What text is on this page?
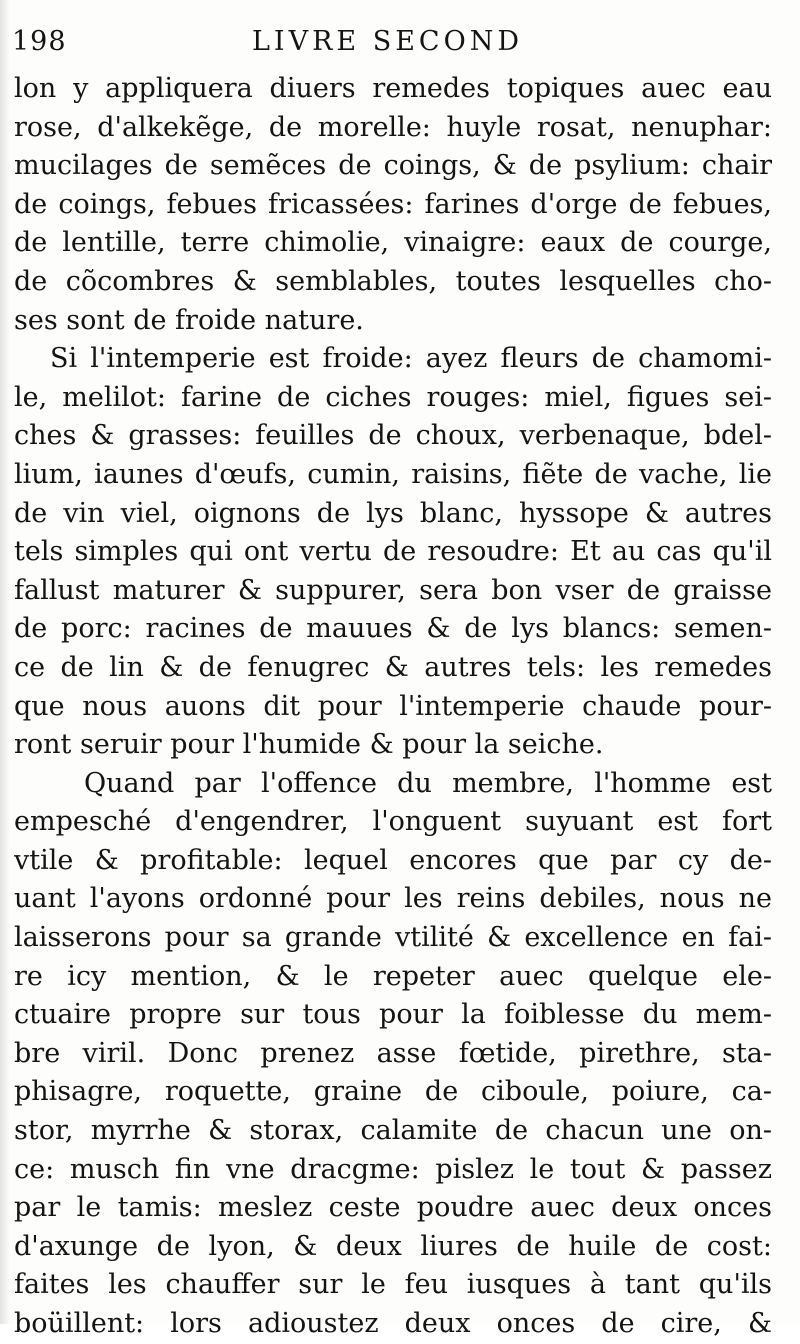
198	LIVRE SECOND
lon y appliquera diuers remedes topiques auec eau
rose, d'alkekẽge, de morelle: huyle rosat, nenuphar:
mucilages de semẽces de coings, & de psylium: chair
de coings, febues fricassées: farines d'orge de febues,
de lentille, terre chimolie, vinaigre: eaux de courge,
de cõcombres & semblables, toutes lesquelles cho-
ses sont de froide nature.
Si l'intemperie est froide: ayez fleurs de chamomi-
le, melilot: farine de ciches rouges: miel, figues sei-
ches & grasses: feuilles de choux, verbenaque, bdel-
lium, iaunes d'œufs, cumin, raisins, fiẽte de vache, lie
de vin viel, oignons de lys blanc, hyssope & autres
tels simples qui ont vertu de resoudre: Et au cas qu'il
fallust maturer & suppurer, sera bon vser de graisse
de porc: racines de mauues & de lys blancs: semen-
ce de lin & de fenugrec & autres tels: les remedes
que nous auons dit pour l'intemperie chaude pour-
ront seruir pour l'humide & pour la seiche.
Quand par l'offence du membre, l'homme est
empesché d'engendrer, l'onguent suyuant est fort
vtile & profitable: lequel encores que par cy de-
uant l'ayons ordonné pour les reins debiles, nous ne
laisserons pour sa grande vtilité & excellence en fai-
re icy mention, & le repeter auec quelque ele-
ctuaire propre sur tous pour la foiblesse du mem-
bre viril. Donc prenez asse fœtide, pirethre, sta-
phisagre, roquette, graine de ciboule, poiure, ca-
stor, myrrhe & storax, calamite de chacun une on-
ce: musch fin vne dracgme: pislez le tout & passez
par le tamis: meslez ceste poudre auec deux onces
d'axunge de lyon, & deux liures de huile de cost:
faites les chauffer sur le feu iusques à tant qu'ils
boüillent: lors adioustez deux onces de cire, &
